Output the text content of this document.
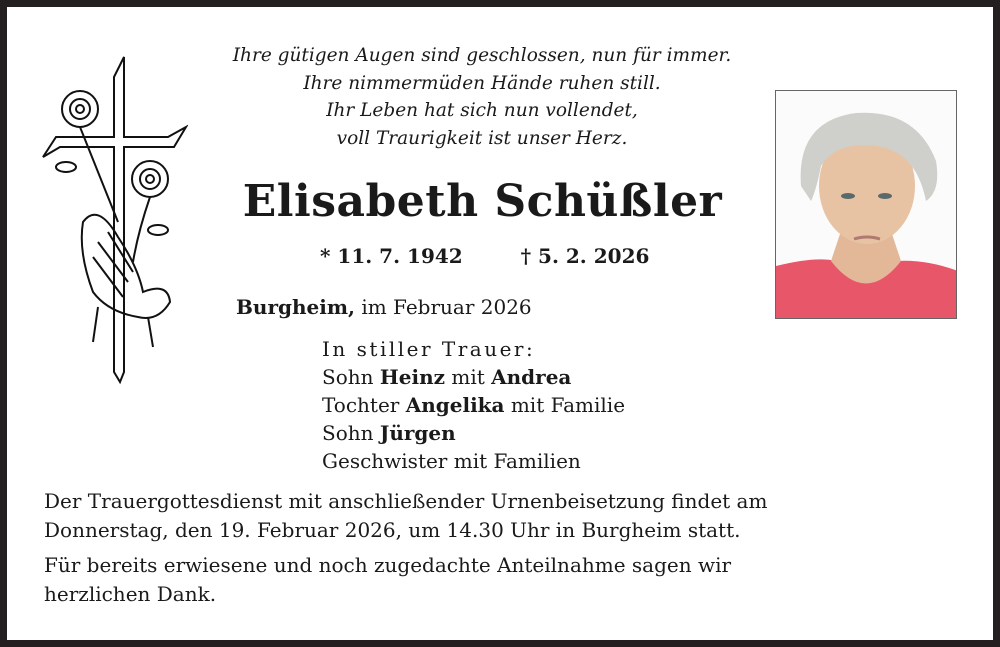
Ihre gütigen Augen sind geschlossen, nun für immer.
Ihre nimmermüden Hände ruhen still.
Ihr Leben hat sich nun vollendet,
voll Traurigkeit ist unser Herz.
Elisabeth Schüßler
* 11. 7. 1942	† 5. 2. 2026
Burgheim, im Februar 2026
In stiller Trauer:
Sohn Heinz mit Andrea
Tochter Angelika mit Familie
Sohn Jürgen
Geschwister mit Familien
Der Trauergottesdienst mit anschließender Urnenbeisetzung findet am
Donnerstag, den 19. Februar 2026, um 14.30 Uhr in Burgheim statt.
Für bereits erwiesene und noch zugedachte Anteilnahme sagen wir
herzlichen Dank.
